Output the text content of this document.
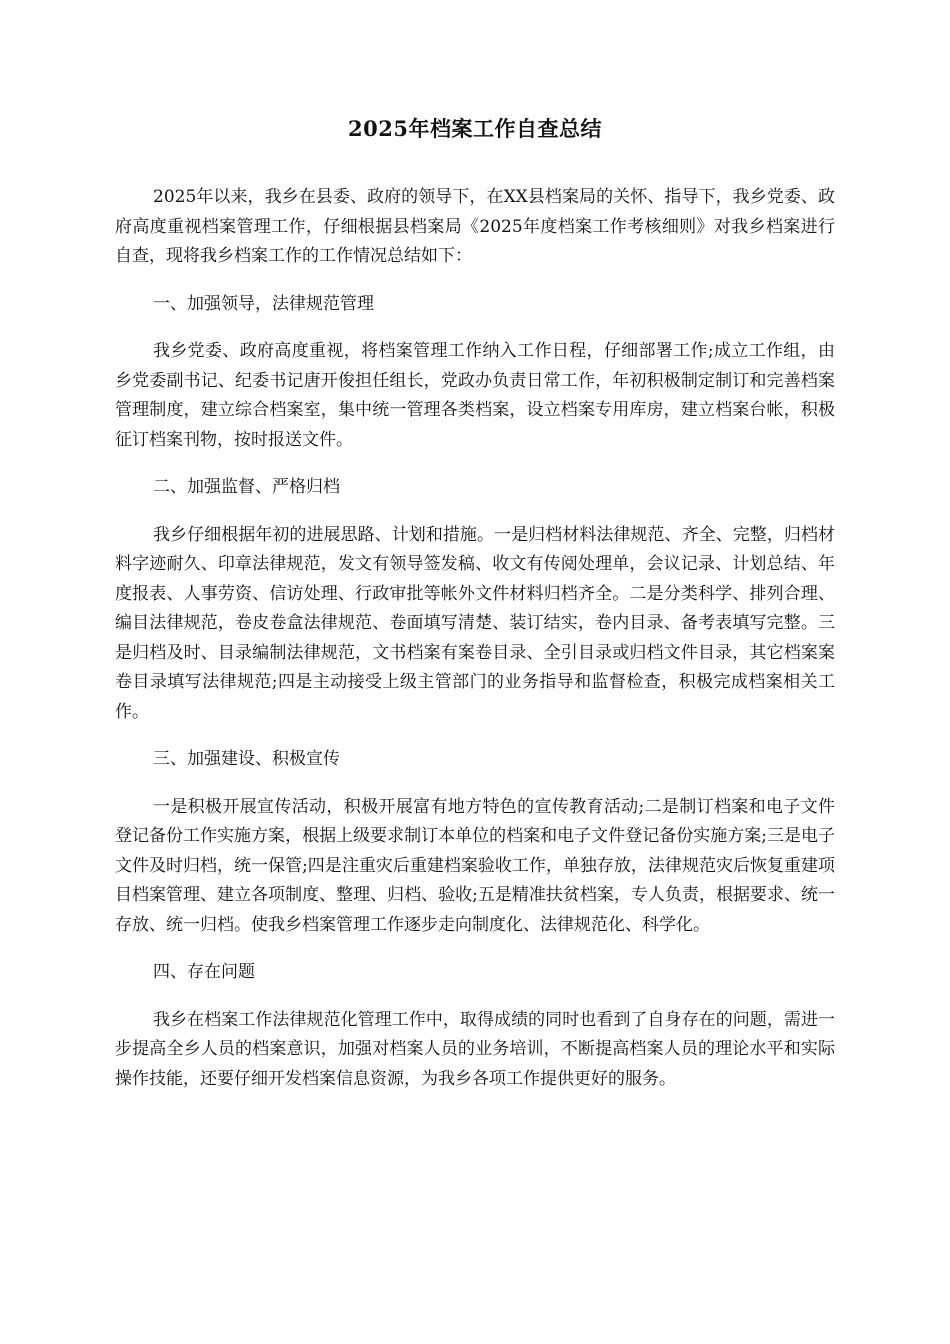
2025年档案工作自查总结

2025年以来，我乡在县委、政府的领导下，在XX县档案局的关怀、指导下，我乡党委、政府高度重视档案管理工作，仔细根据县档案局《2025年度档案工作考核细则》对我乡档案进行自查，现将我乡档案工作的工作情况总结如下：

一、加强领导，法律规范管理

我乡党委、政府高度重视，将档案管理工作纳入工作日程，仔细部署工作;成立工作组，由乡党委副书记、纪委书记唐开俊担任组长，党政办负责日常工作，年初积极制定制订和完善档案管理制度，建立综合档案室，集中统一管理各类档案，设立档案专用库房，建立档案台帐，积极征订档案刊物，按时报送文件。

二、加强监督、严格归档

我乡仔细根据年初的进展思路、计划和措施。一是归档材料法律规范、齐全、完整，归档材料字迹耐久、印章法律规范，发文有领导签发稿、收文有传阅处理单，会议记录、计划总结、年度报表、人事劳资、信访处理、行政审批等帐外文件材料归档齐全。二是分类科学、排列合理、编目法律规范，卷皮卷盒法律规范、卷面填写清楚、装订结实，卷内目录、备考表填写完整。三是归档及时、目录编制法律规范，文书档案有案卷目录、全引目录或归档文件目录，其它档案案卷目录填写法律规范;四是主动接受上级主管部门的业务指导和监督检查，积极完成档案相关工作。

三、加强建设、积极宣传

一是积极开展宣传活动，积极开展富有地方特色的宣传教育活动;二是制订档案和电子文件登记备份工作实施方案，根据上级要求制订本单位的档案和电子文件登记备份实施方案;三是电子文件及时归档，统一保管;四是注重灾后重建档案验收工作，单独存放，法律规范灾后恢复重建项目档案管理、建立各项制度、整理、归档、验收;五是精准扶贫档案，专人负责，根据要求、统一存放、统一归档。使我乡档案管理工作逐步走向制度化、法律规范化、科学化。

四、存在问题

我乡在档案工作法律规范化管理工作中，取得成绩的同时也看到了自身存在的问题，需进一步提高全乡人员的档案意识，加强对档案人员的业务培训，不断提高档案人员的理论水平和实际操作技能，还要仔细开发档案信息资源，为我乡各项工作提供更好的服务。
